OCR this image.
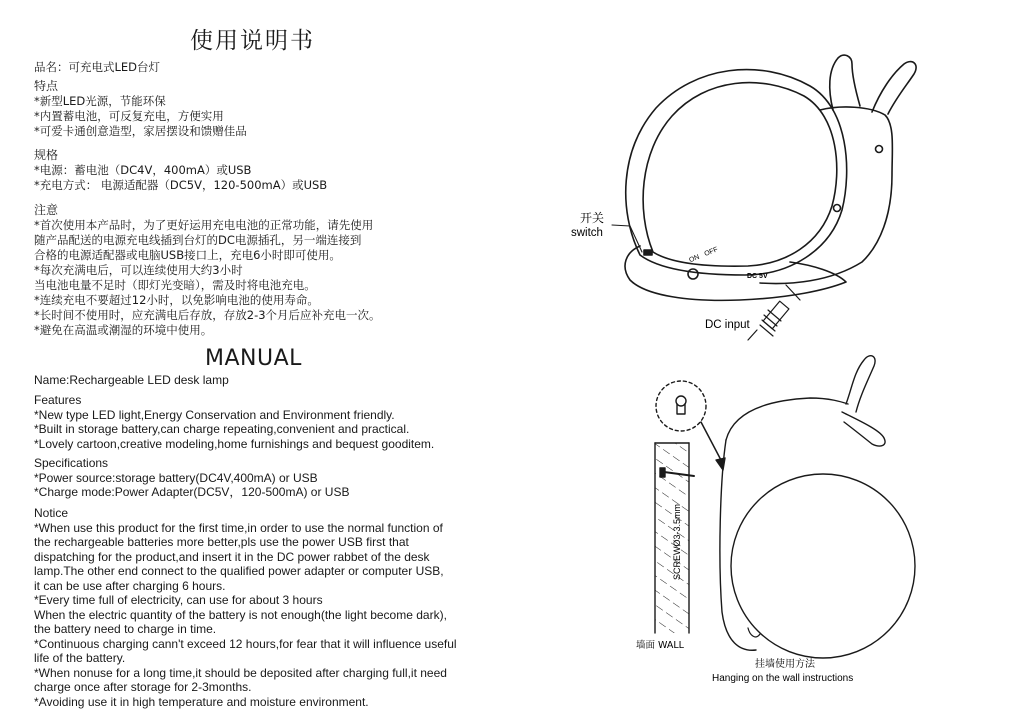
使用说明书
品名：可充电式LED台灯
特点
*新型LED光源，节能环保
*内置蓄电池，可反复充电，方便实用
*可爱卡通创意造型，家居摆设和馈赠佳品
规格
*电源：蓄电池（DC4V，400mA）或USB
*充电方式： 电源适配器（DC5V，120-500mA）或USB
注意
*首次使用本产品时，为了更好运用充电电池的正常功能，请先使用
随产品配送的电源充电线插到台灯的DC电源插孔，另一端连接到
合格的电源适配器或电脑USB接口上，充电6小时即可使用。
*每次充满电后，可以连续使用大约3小时
当电池电量不足时（即灯光变暗），需及时将电池充电。
*连续充电不要超过12小时，以免影响电池的使用寿命。
*长时间不使用时，应充满电后存放，存放2-3个月后应补充电一次。
*避免在高温或潮湿的环境中使用。
MANUAL
Name:Rechargeable LED desk lamp
Features
*New type LED light,Energy Conservation and Environment friendly.
*Built in storage battery,can charge repeating,convenient and practical.
*Lovely cartoon,creative modeling,home furnishings and bequest gooditem.
Specifications
*Power source:storage battery(DC4V,400mA) or USB
*Charge mode:Power Adapter(DC5V，120-500mA) or USB
Notice
*When use this product for the first time,in order to use the normal function of
the rechargeable batteries more better,pls use the power USB first that
dispatching for the product,and insert it in the DC power rabbet of the desk
lamp.The other end connect to the qualified power adapter or computer USB,
it can be use after charging 6 hours.
*Every time full of electricity, can use for about 3 hours
When the electric quantity of the battery is not enough(the light become dark),
the battery need to charge in time.
*Continuous charging cann't exceed 12 hours,for fear that it will influence useful
life of the battery.
*When nonuse for a long time,it should be deposited after charging full,it need
charge once after storage for 2-3months.
*Avoiding use it in high temperature and moisture environment.
ONOFF
DC 5V
开关
switch
DC input
SCREWØ3-3.5mm
墙面 WALL
挂墙使用方法
Hanging on the wall instructions
